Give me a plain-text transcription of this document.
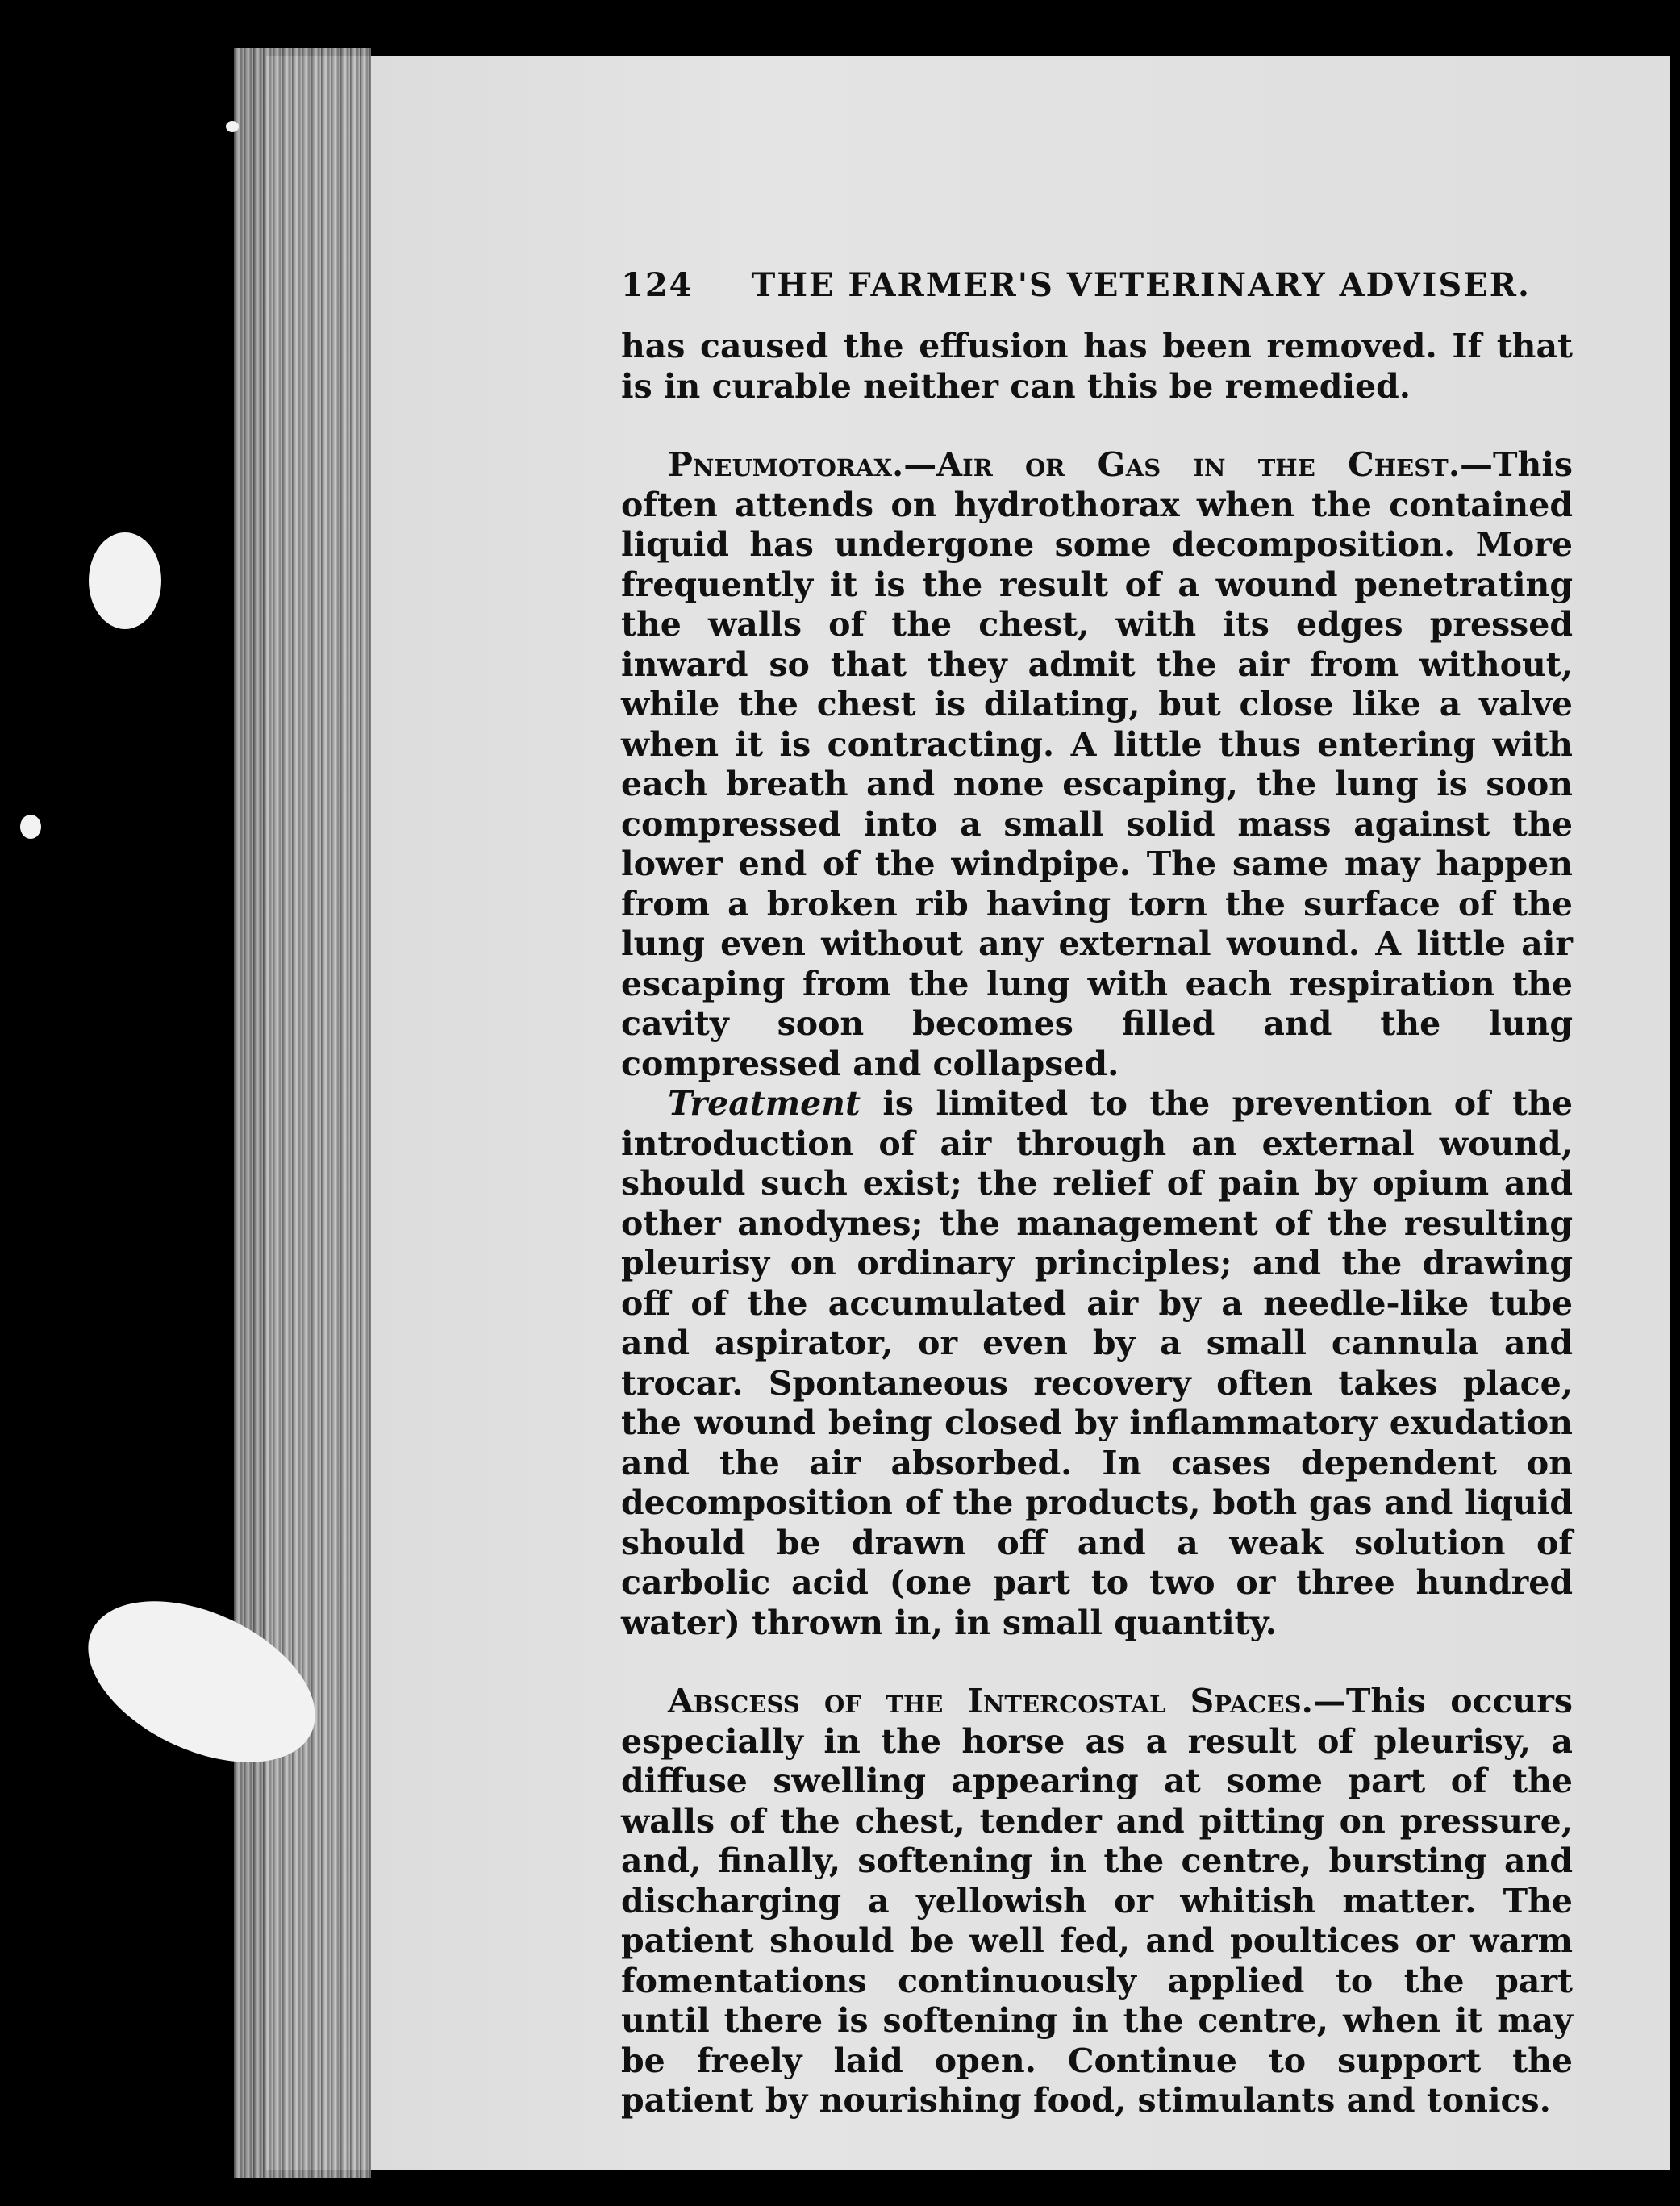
124 THE FARMER'S VETERINARY ADVISER.

has caused the effusion has been removed. If that is in curable neither can this be remedied.

Pneumotorax.—Air or Gas in the Chest.—This often attends on hydrothorax when the contained liquid has undergone some decomposition. More frequently it is the result of a wound penetrating the walls of the chest, with its edges pressed inward so that they admit the air from without, while the chest is dilating, but close like a valve when it is contracting. A little thus entering with each breath and none escaping, the lung is soon compressed into a small solid mass against the lower end of the windpipe. The same may happen from a broken rib having torn the surface of the lung even without any external wound. A little air escaping from the lung with each respiration the cavity soon becomes filled and the lung compressed and collapsed.

Treatment is limited to the prevention of the introduction of air through an external wound, should such exist; the relief of pain by opium and other anodynes; the management of the resulting pleurisy on ordinary principles; and the drawing off of the accumulated air by a needle-like tube and aspirator, or even by a small cannula and trocar. Spontaneous recovery often takes place, the wound being closed by inflammatory exudation and the air absorbed. In cases dependent on decomposition of the products, both gas and liquid should be drawn off and a weak solution of carbolic acid (one part to two or three hundred water) thrown in, in small quantity.

Abscess of the Intercostal Spaces.—This occurs especially in the horse as a result of pleurisy, a diffuse swelling appearing at some part of the walls of the chest, tender and pitting on pressure, and, finally, softening in the centre, bursting and discharging a yellowish or whitish matter. The patient should be well fed, and poultices or warm fomentations continuously applied to the part until there is softening in the centre, when it may be freely laid open. Continue to support the patient by nourishing food, stimulants and tonics.
